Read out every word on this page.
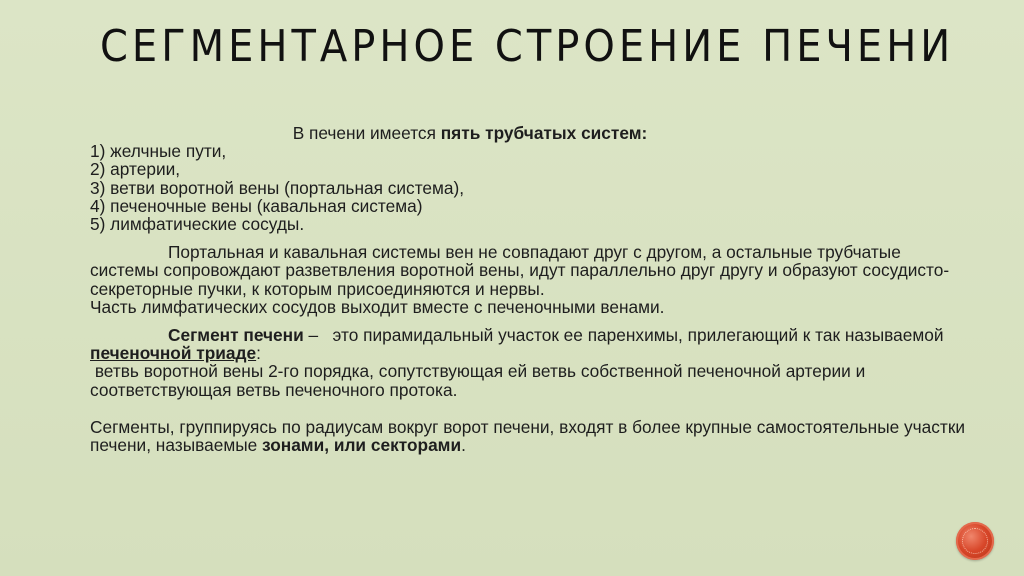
СЕГМЕНТАРНОЕ СТРОЕНИЕ ПЕЧЕНИ

В печени имеется пять трубчатых систем:

1) желчные пути,

2) артерии,

3) ветви воротной вены (портальная система),

4) печеночные вены (кавальная система)

5) лимфатические сосуды.

Портальная и кавальная системы вен не совпадают друг с другом, а остальные трубчатые системы сопровождают разветвления воротной вены, идут параллельно друг другу и образуют сосудисто-секреторные пучки, к которым присоединяются и нервы.

Часть лимфатических сосудов выходит вместе с печеночными венами.

Сегмент печени –   это пирамидальный участок ее паренхимы, прилегающий к так называемой печеночной триаде:

ветвь воротной вены 2-го порядка, сопутствующая ей ветвь собственной печеночной артерии и соответствующая ветвь печеночного протока.

Сегменты, группируясь по радиусам вокруг ворот печени, входят в более крупные самостоятельные участки печени, называемые зонами, или секторами.
